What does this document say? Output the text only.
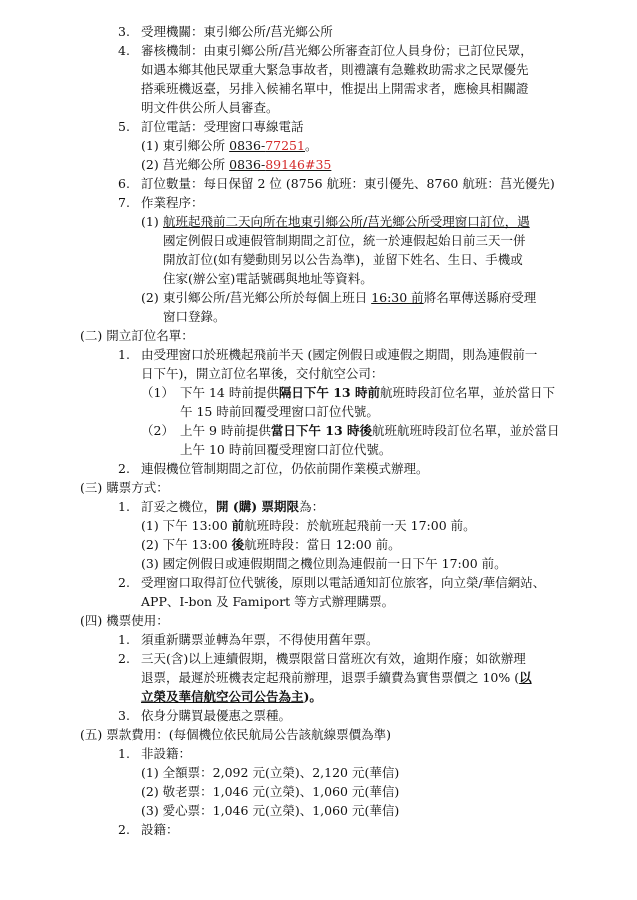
3. 受理機關：東引鄉公所/莒光鄉公所
4. 審核機制：由東引鄉公所/莒光鄉公所審查訂位人員身份；已訂位民眾，
如遇本鄉其他民眾重大緊急事故者，則禮讓有急難救助需求之民眾優先
搭乘班機返臺，另排入候補名單中，惟提出上開需求者，應檢具相關證
明文件供公所人員審查。
5. 訂位電話：受理窗口專線電話
(1) 東引鄉公所 0836-77251。
(2) 莒光鄉公所 0836-89146#35
6. 訂位數量：每日保留 2 位 (8756 航班：東引優先、8760 航班：莒光優先)
7. 作業程序：
(1) 航班起飛前二天向所在地東引鄉公所/莒光鄉公所受理窗口訂位，遇
國定例假日或連假管制期間之訂位，統一於連假起始日前三天一併
開放訂位(如有變動則另以公告為準)，並留下姓名、生日、手機或
住家(辦公室)電話號碼與地址等資料。
(2) 東引鄉公所/莒光鄉公所於每個上班日 16:30 前將名單傳送縣府受理
窗口登錄。
(二) 開立訂位名單：
1. 由受理窗口於班機起飛前半天 (國定例假日或連假之期間，則為連假前一
日下午)，開立訂位名單後，交付航空公司：
（1） 下午 14 時前提供隔日下午 13 時前航班時段訂位名單，並於當日下
午 15 時前回覆受理窗口訂位代號。
（2） 上午 9 時前提供當日下午 13 時後航班航班時段訂位名單，並於當日
上午 10 時前回覆受理窗口訂位代號。
2. 連假機位管制期間之訂位，仍依前開作業模式辦理。
(三) 購票方式：
1. 訂妥之機位，開 (購) 票期限為：
(1) 下午 13:00 前航班時段：於航班起飛前一天 17:00 前。
(2) 下午 13:00 後航班時段：當日 12:00 前。
(3) 國定例假日或連假期間之機位則為連假前一日下午 17:00 前。
2. 受理窗口取得訂位代號後，原則以電話通知訂位旅客，向立榮/華信網站、
APP、I-bon 及 Famiport 等方式辦理購票。
(四) 機票使用：
1. 須重新購票並轉為年票，不得使用舊年票。
2. 三天(含)以上連續假期，機票限當日當班次有效，逾期作廢；如欲辦理
退票，最遲於班機表定起飛前辦理，退票手續費為實售票價之 10% (以
立榮及華信航空公司公告為主)。
3. 依身分購買最優惠之票種。
(五) 票款費用：(每個機位依民航局公告該航線票價為準)
1. 非設籍：
(1) 全額票：2,092 元(立榮)、2,120 元(華信)
(2) 敬老票：1,046 元(立榮)、1,060 元(華信)
(3) 愛心票：1,046 元(立榮)、1,060 元(華信)
2. 設籍：
